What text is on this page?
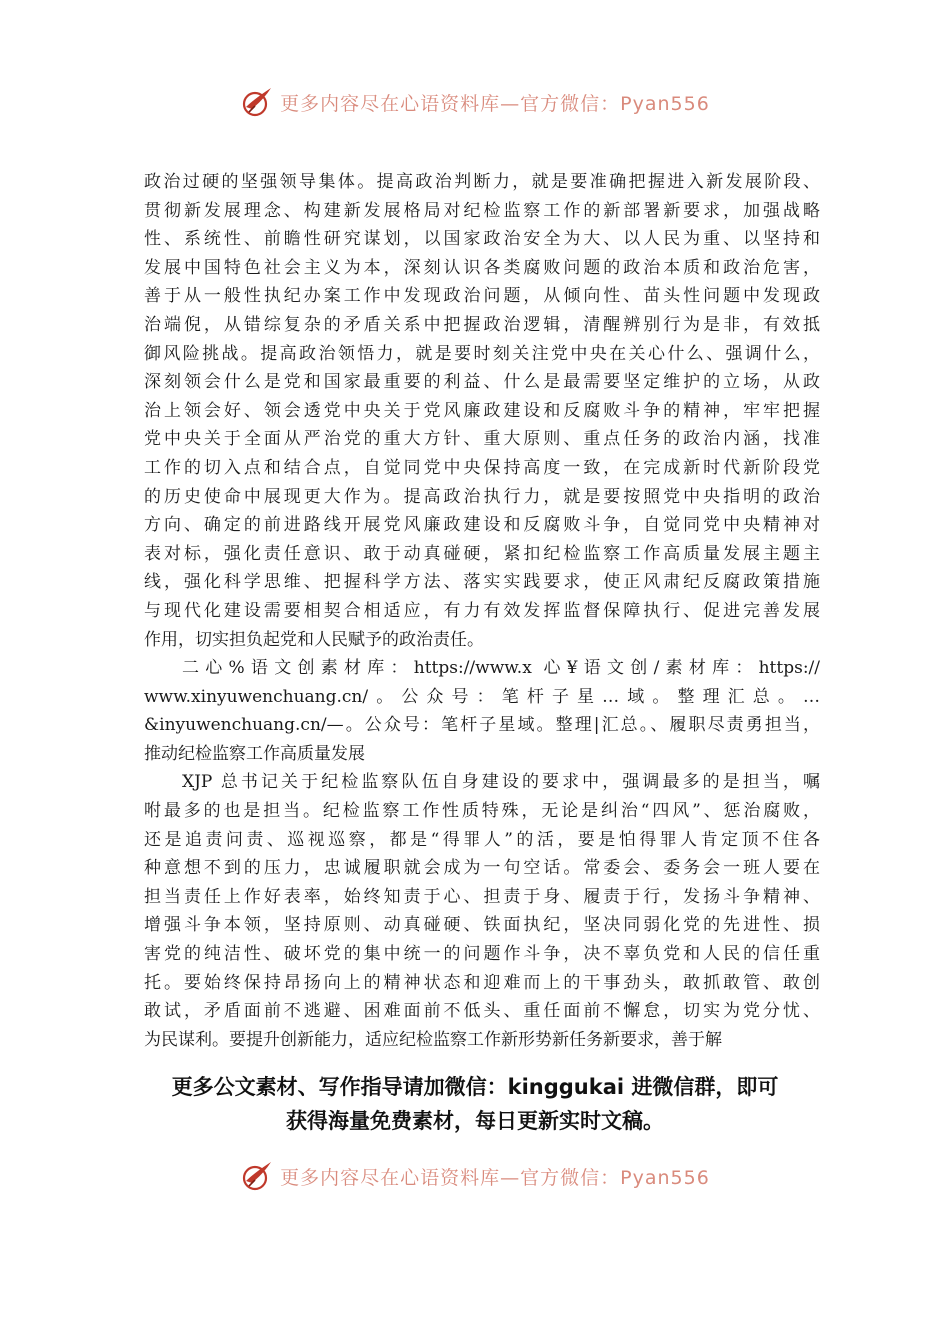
更多内容尽在心语资料库—官方微信：Pyan556
政治过硬的坚强领导集体。提高政治判断力，就是要准确把握进入新发展阶段、
贯彻新发展理念、构建新发展格局对纪检监察工作的新部署新要求，加强战略
性、系统性、前瞻性研究谋划，以国家政治安全为大、以人民为重、以坚持和
发展中国特色社会主义为本，深刻认识各类腐败问题的政治本质和政治危害，
善于从一般性执纪办案工作中发现政治问题，从倾向性、苗头性问题中发现政
治端倪，从错综复杂的矛盾关系中把握政治逻辑，清醒辨别行为是非，有效抵
御风险挑战。提高政治领悟力，就是要时刻关注党中央在关心什么、强调什么，
深刻领会什么是党和国家最重要的利益、什么是最需要坚定维护的立场，从政
治上领会好、领会透党中央关于党风廉政建设和反腐败斗争的精神，牢牢把握
党中央关于全面从严治党的重大方针、重大原则、重点任务的政治内涵，找准
工作的切入点和结合点，自觉同党中央保持高度一致，在完成新时代新阶段党
的历史使命中展现更大作为。提高政治执行力，就是要按照党中央指明的政治
方向、确定的前进路线开展党风廉政建设和反腐败斗争，自觉同党中央精神对
表对标，强化责任意识、敢于动真碰硬，紧扣纪检监察工作高质量发展主题主
线，强化科学思维、把握科学方法、落实实践要求，使正风肃纪反腐政策措施
与现代化建设需要相契合相适应，有力有效发挥监督保障执行、促进完善发展
作用，切实担负起党和人民赋予的政治责任。
二心%语文创素材库：https://www.x 心¥语文创/素材库：https://
www.xinyuwenchuang.cn/。公众号：笔杆子星…域。整理汇总。…
&inyuwenchuang.cn/—。公众号：笔杆子星域。整理|汇总。、履职尽责勇担当，
推动纪检监察工作高质量发展
XJP 总书记关于纪检监察队伍自身建设的要求中，强调最多的是担当，嘱
咐最多的也是担当。纪检监察工作性质特殊，无论是纠治“四风”、惩治腐败，
还是追责问责、巡视巡察，都是“得罪人”的活，要是怕得罪人肯定顶不住各
种意想不到的压力，忠诚履职就会成为一句空话。常委会、委务会一班人要在
担当责任上作好表率，始终知责于心、担责于身、履责于行，发扬斗争精神、
增强斗争本领，坚持原则、动真碰硬、铁面执纪，坚决同弱化党的先进性、损
害党的纯洁性、破坏党的集中统一的问题作斗争，决不辜负党和人民的信任重
托。要始终保持昂扬向上的精神状态和迎难而上的干事劲头，敢抓敢管、敢创
敢试，矛盾面前不逃避、困难面前不低头、重任面前不懈怠，切实为党分忧、
为民谋利。要提升创新能力，适应纪检监察工作新形势新任务新要求，善于解
更多公文素材、写作指导请加微信：kinggukai 进微信群，即可
获得海量免费素材，每日更新实时文稿。
更多内容尽在心语资料库—官方微信：Pyan556
